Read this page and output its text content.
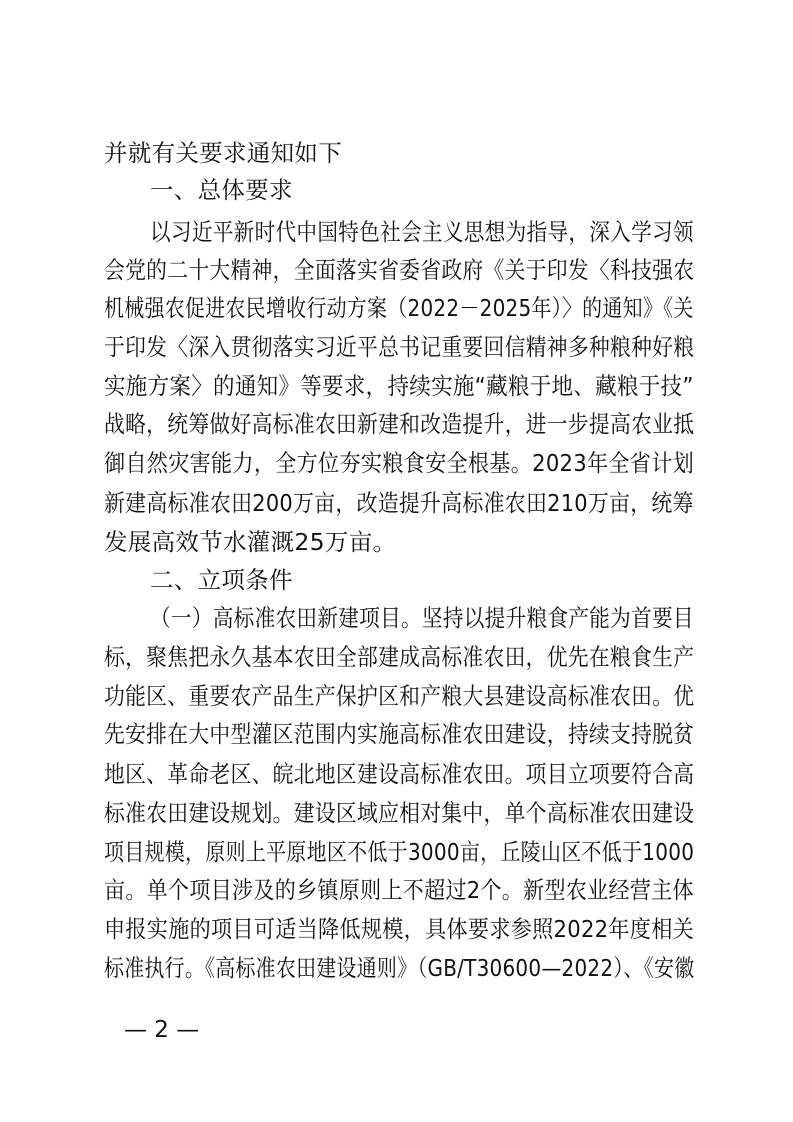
并就有关要求通知如下
一、总体要求
以习近平新时代中国特色社会主义思想为指导，深入学习领
会党的二十大精神，全面落实省委省政府《关于印发〈科技强农
机械强农促进农民增收行动方案（2022－2025年）〉的通知》《关
于印发〈深入贯彻落实习近平总书记重要回信精神多种粮种好粮
实施方案〉的通知》等要求，持续实施“藏粮于地、藏粮于技”
战略，统筹做好高标准农田新建和改造提升，进一步提高农业抵
御自然灾害能力，全方位夯实粮食安全根基。2023年全省计划
新建高标准农田200万亩，改造提升高标准农田210万亩，统筹
发展高效节水灌溉25万亩。
二、立项条件
（一）高标准农田新建项目。坚持以提升粮食产能为首要目
标，聚焦把永久基本农田全部建成高标准农田，优先在粮食生产
功能区、重要农产品生产保护区和产粮大县建设高标准农田。优
先安排在大中型灌区范围内实施高标准农田建设，持续支持脱贫
地区、革命老区、皖北地区建设高标准农田。项目立项要符合高
标准农田建设规划。建设区域应相对集中，单个高标准农田建设
项目规模，原则上平原地区不低于3000亩，丘陵山区不低于1000
亩。单个项目涉及的乡镇原则上不超过2个。新型农业经营主体
申报实施的项目可适当降低规模，具体要求参照2022年度相关
标准执行。《高标准农田建设通则》（GB/T30600—2022）、《安徽
— 2 —
